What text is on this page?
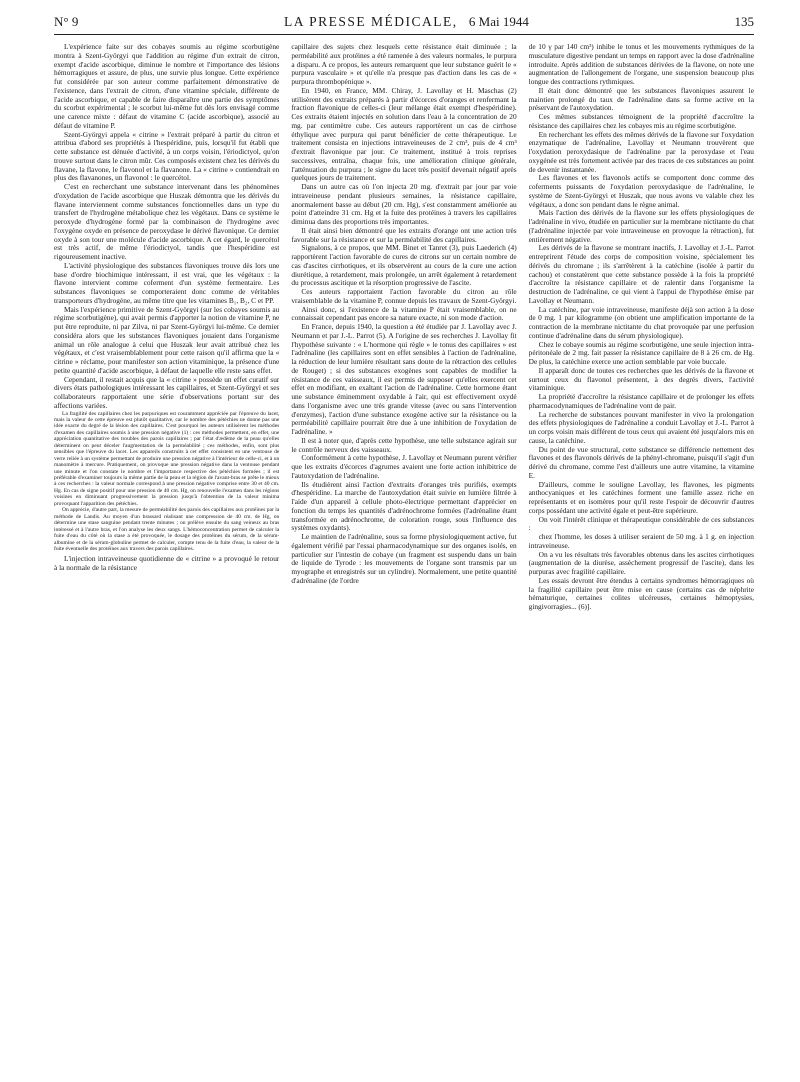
N° 9	LA PRESSE MÉDICALE, 6 Mai 1944	135

L'expérience faite sur des cobayes soumis au régime scorbutigène montra à Szent-Györgyi que l'addition au régime d'un extrait de citron, exempt d'acide ascorbique, diminue le nombre et l'importance des lésions hémorragiques et assure, de plus, une survie plus longue. Cette expérience fut considérée par son auteur comme parfaitement démonstrative de l'existence, dans l'extrait de citron, d'une vitamine spéciale, différente de l'acide ascorbique, et capable de faire disparaître une partie des symptômes du scorbut expérimental ; le scorbut lui-même fut dès lors envisagé comme une carence mixte : défaut de vitamine C (acide ascorbique), associé au défaut de vitamine P.

Szent-Györgyi appela « citrine » l'extrait préparé à partir du citron et attribua d'abord ses propriétés à l'hespéridine, puis, lorsqu'il fut établi que cette substance est dénuée d'activité, à un corps voisin, l'ériodictyol, qu'on trouve surtout dans le citron mûr. Ces composés existent chez les dérivés du flavane, la flavone, le flavonol et la flavanone. La « citrine » contiendrait en plus des flavanones, un flavonol : le quercétol.

C'est en recherchant une substance intervenant dans les phénomènes d'oxydation de l'acide ascorbique que Huszak démontra que les dérivés du flavane interviennent comme substances fonctionnelles dans un type du transfert de l'hydrogène métabolique chez les végétaux. Dans ce système le peroxyde d'hydrogène formé par la combinaison de l'hydrogène avec l'oxygène oxyde en présence de peroxydase le dérivé flavonique. Ce dernier oxyde à son tour une molécule d'acide ascorbique. A cet égard, le quercétol est très actif, de même l'ériodictyol, tandis que l'hespéridine est rigoureusement inactive.

L'activité physiologique des substances flavoniques trouve dès lors une base d'ordre biochimique intéressant, il est vrai, que les végétaux : la flavone intervient comme coferment d'un système fermentaire. Les substances flavoniques se comporteraient donc comme de véritables transporteurs d'hydrogène, au même titre que les vitamines B₁, B₂, C et PP.

Mais l'expérience primitive de Szent-Györgyi (sur les cobayes soumis au régime scorbutigène), qui avait permis d'apporter la notion de vitamine P, ne put être reproduite, ni par Zilva, ni par Szent-Györgyi lui-même. Ce dernier considéra alors que les substances flavoniques jouaient dans l'organisme animal un rôle analogue à celui que Huszak leur avait attribué chez les végétaux, et c'est vraisemblablement pour cette raison qu'il affirma que la « citrine » réclame, pour manifester son action vitaminique, la présence d'une petite quantité d'acide ascorbique, à défaut de laquelle elle reste sans effet.

Cependant, il restait acquis que la « citrine » possède un effet curatif sur divers états pathologiques intéressant les capillaires, et Szent-Györgyi et ses collaborateurs rapportaient une série d'observations portant sur des affections variées.

La fragilité des capillaires chez les purpuriques est couramment appréciée par l'épreuve du lacet, mais la valeur de cette épreuve est plutôt qualitative, car le nombre des pétéchies ne donne pas une idée exacte du degré de la lésion des capillaires. C'est pourquoi les auteurs utilisèrent les méthodes d'examen des capillaires soumis à une pression négative (1) : ces méthodes permettent, en effet, une appréciation quantitative des troubles des parois capillaires ; par l'état d'ædème de la peau qu'elles déterminent on peut déceler l'augmentation de la perméabilité ; ces méthodes, enfin, sont plus sensibles que l'épreuve du lacet. Les appareils construits à cet effet consistent en une ventouse de verre reliée à un système permettant de produire une pression négative à l'intérieur de celle-ci, et à un manomètre à mercure. Pratiquement, on provoque une pression négative dans la ventouse pendant une minute et l'on constate le nombre et l'importance respective des pétéchies formées ; il est préférable d'examiner toujours la même partie de la peau et la région de l'avant-bras se prête le mieux à ces recherches : la valeur normale correspond à une pression négative comprise entre 30 et 40 cm. Hg. En cas de signe positif pour une pression de 40 cm. Hg, on renouvelle l'examen dans les régions voisines en diminuant progressivement la pression jusqu'à l'obtention de la valeur minima provoquant l'apparition des pétéchies.

On apprécie, d'autre part, la mesure de perméabilité des parois des capillaires aux protéines par la méthode de Landis. Au moyen d'un brassard réalisant une compression de 40 cm. de Hg, on détermine une stase sanguine pendant trente minutes ; on prélève ensuite du sang veineux au bras intéressé et à l'autre bras, et l'on analyse les deux sangs. L'hémoconcentration permet de calculer la fuite d'eau du côté où la stase a été provoquée, le dosage des protéines du sérum, de la sérum-albumine et de la sérum-globuline permet de calculer, compte tenu de la fuite d'eau, la valeur de la fuite éventuelle des protéines aux travers des parois capillaires.

L'injection intraveineuse quotidienne de « citrine » a provoqué le retour à la normale de la résistance

capillaire des sujets chez lesquels cette résistance était diminuée ; la perméabilité aux protéines a été ramenée à des valeurs normales, le purpura a disparu. A ce propos, les auteurs remarquent que leur substance guérit le « purpura vasculaire » et qu'elle n'a presque pas d'action dans les cas de « purpura thrombopénique ».

En 1940, en France, MM. Chiray, J. Lavollay et H. Maschas (2) utilisèrent des extraits préparés à partir d'écorces d'oranges et renfermant la fraction flavonique de celles-ci (leur mélange était exempt d'hespéridine). Ces extraits étaient injectés en solution dans l'eau à la concentration de 20 mg. par centimètre cube. Ces auteurs rapportèrent un cas de cirrhose éthylique avec purpura qui parut bénéficier de cette thérapeutique. Le traitement consista en injections intraveineuses de 2 cm³, puis de 4 cm³ d'extrait flavonique par jour. Ce traitement, institué à trois reprises successives, entraîna, chaque fois, une amélioration clinique générale, l'atténuation du purpura ; le signe du lacet très positif devenait négatif après quelques jours de traitement.

Dans un autre cas où l'on injecta 20 mg. d'extrait par jour par voie intraveineuse pendant plusieurs semaines, la résistance capillaire, anormalement basse au début (20 cm. Hg), s'est constamment améliorée au point d'atteindre 31 cm. Hg et la fuite des protéines à travers les capillaires diminua dans des proportions très importantes.

Il était ainsi bien démontré que les extraits d'orange ont une action très favorable sur la résistance et sur la perméabilité des capillaires.

Signalons, à ce propos, que MM. Binet et Tanret (3), puis Laederich (4) rapportèrent l'action favorable de cures de citrons sur un certain nombre de cas d'ascites cirrhotiques, et ils observèrent au cours de la cure une action diurétique, à retardement, mais prolongée, un arrêt également à retardement du processus ascitique et la résorption progressive de l'ascite.

Ces auteurs rapportaient l'action favorable du citron au rôle vraisemblable de la vitamine P, connue depuis les travaux de Szent-Györgyi.

Ainsi donc, si l'existence de la vitamine P était vraisemblable, on ne connaissait cependant pas encore sa nature exacte, ni son mode d'action.

En France, depuis 1940, la question a été étudiée par J. Lavollay avec J. Neumann et par J.-L. Parrot (5). A l'origine de ses recherches J. Lavollay fit l'hypothèse suivante : « L'hormone qui règle » le tonus des capillaires » est l'adrénaline (les capillaires sont en effet sensibles à l'action de l'adrénaline, la réduction de leur lumière résultant sans doute de la rétraction des cellules de Rouget) ; si des substances exogènes sont capables de modifier la résistance de ces vaisseaux, il est permis de supposer qu'elles exercent cet effet en modifiant, en exaltant l'action de l'adrénaline. Cette hormone étant une substance éminemment oxydable à l'air, qui est effectivement oxydé dans l'organisme avec une très grande vitesse (avec ou sans l'intervention d'enzymes), l'action d'une substance exogène active sur la résistance ou la perméabilité capillaire pourrait être due à une inhibition de l'oxydation de l'adrénaline. »

Il est à noter que, d'après cette hypothèse, une telle substance agirait sur le contrôle nerveux des vaisseaux.

Conformément à cette hypothèse, J. Lavollay et Neumann purent vérifier que les extraits d'écorces d'agrumes avaient une forte action inhibitrice de l'autoxydation de l'adrénaline.

Ils étudièrent ainsi l'action d'extraits d'oranges très purifiés, exempts d'hespéridine. La marche de l'autoxydation était suivie en lumière filtrée à l'aide d'un appareil à cellule photo-électrique permettant d'apprécier en fonction du temps les quantités d'adrénochrome formées (l'adrénaline étant transformée en adrénochrome, de coloration rouge, sous l'influence des systèmes oxydants).

Le maintien de l'adrénaline, sous sa forme physiologiquement active, fut également vérifié par l'essai pharmacodynamique sur des organes isolés, en particulier sur l'intestin de cobaye (un fragment est suspendu dans un bain de liquide de Tyrode : les mouvements de l'organe sont transmis par un myographe et enregistrés sur un cylindre). Normalement, une petite quantité d'adrénaline (de l'ordre

de 10 γ par 140 cm³) inhibe le tonus et les mouvements rythmiques de la musculature digestive pendant un temps en rapport avec la dose d'adrénaline introduite. Après addition de substances dérivées de la flavone, on note une augmentation de l'allongement de l'organe, une suspension beaucoup plus longue des contractions rythmiques.

Il était donc démontré que les substances flavoniques assurent le maintien prolongé du taux de l'adrénaline dans sa forme active en la préservant de l'autoxydation.

Ces mêmes substances témoignent de la propriété d'accroître la résistance des capillaires chez les cobayes mis au régime scorbutigène.

En recherchant les effets des mêmes dérivés de la flavone sur l'oxydation enzymatique de l'adrénaline, Lavollay et Neumann trouvèrent que l'oxydation peroxydasique de l'adrénaline par la peroxydase et l'eau oxygénée est très fortement activée par des traces de ces substances au point de devenir instantanée.

Les flavones et les flavonols actifs se comportent donc comme des coferments puissants de l'oxydation peroxydasique de l'adrénaline, le système de Szent-Györgyi et Huszak, que nous avons vu valable chez les végétaux, a donc son pendant dans le règne animal.

Mais l'action des dérivés de la flavone sur les effets physiologiques de l'adrénaline in vivo, étudiée en particulier sur la membrane nictitante du chat (l'adrénaline injectée par voie intraveineuse en provoque la rétraction), fut entièrement négative.

Les dérivés de la flavone se montrant inactifs, J. Lavollay et J.-L. Parrot entreprirent l'étude des corps de composition voisine, spécialement les dérivés du chromane ; ils s'arrêtèrent à la catéchine (isolée à partir du cachou) et constatèrent que cette substance possède à la fois la propriété d'accroître la résistance capillaire et de ralentir dans l'organisme la destruction de l'adrénaline, ce qui vient à l'appui de l'hypothèse émise par Lavollay et Neumann.

La catéchine, par voie intraveineuse, manifeste déjà son action à la dose de 0 mg. 1 par kilogramme (on obtient une amplification importante de la contraction de la membrane nictitante du chat provoquée par une perfusion continue d'adrénaline dans du sérum physiologique).

Chez le cobaye soumis au régime scorbutigène, une seule injection intra-péritonéale de 2 mg. fait passer la résistance capillaire de 8 à 26 cm. de Hg. De plus, la catéchine exerce une action semblable par voie buccale.

Il apparaît donc de toutes ces recherches que les dérivés de la flavone et surtout ceux du flavonol présentent, à des degrés divers, l'activité vitaminique.

La propriété d'accroître la résistance capillaire et de prolonger les effets pharmacodynamiques de l'adrénaline vont de pair.

La recherche de substances pouvant manifester in vivo la prolongation des effets physiologiques de l'adrénaline a conduit Lavollay et J.-L. Parrot à un corps voisin mais différent de tous ceux qui avaient été jusqu'alors mis en cause, la catéchine.

Du point de vue structural, cette substance se différencie nettement des flavones et des flavonols dérivés de la phényl-chromane, puisqu'il s'agit d'un dérivé du chromane, comme l'est d'ailleurs une autre vitamine, la vitamine E.

D'ailleurs, comme le souligne Lavollay, les flavones, les pigments anthocyaniques et les catéchines forment une famille assez riche en représentants et en isomères pour qu'il reste l'espoir de découvrir d'autres corps possédant une activité égale et peut-être supérieure.

On voit l'intérêt clinique et thérapeutique considérable de ces substances :

chez l'homme, les doses à utiliser seraient de 50 mg. à 1 g. en injection intraveineuse.

On a vu les résultats très favorables obtenus dans les ascites cirrhotiques (augmentation de la diurèse, assèchement progressif de l'ascite), dans les purpuras avec fragilité capillaire.

Les essais devront être étendus à certains syndromes hémorragiques où la fragilité capillaire peut être mise en cause (certains cas de néphrite hématurique, certaines colites ulcéreuses, certaines hémoptysies, gingivorragies... (6)].
